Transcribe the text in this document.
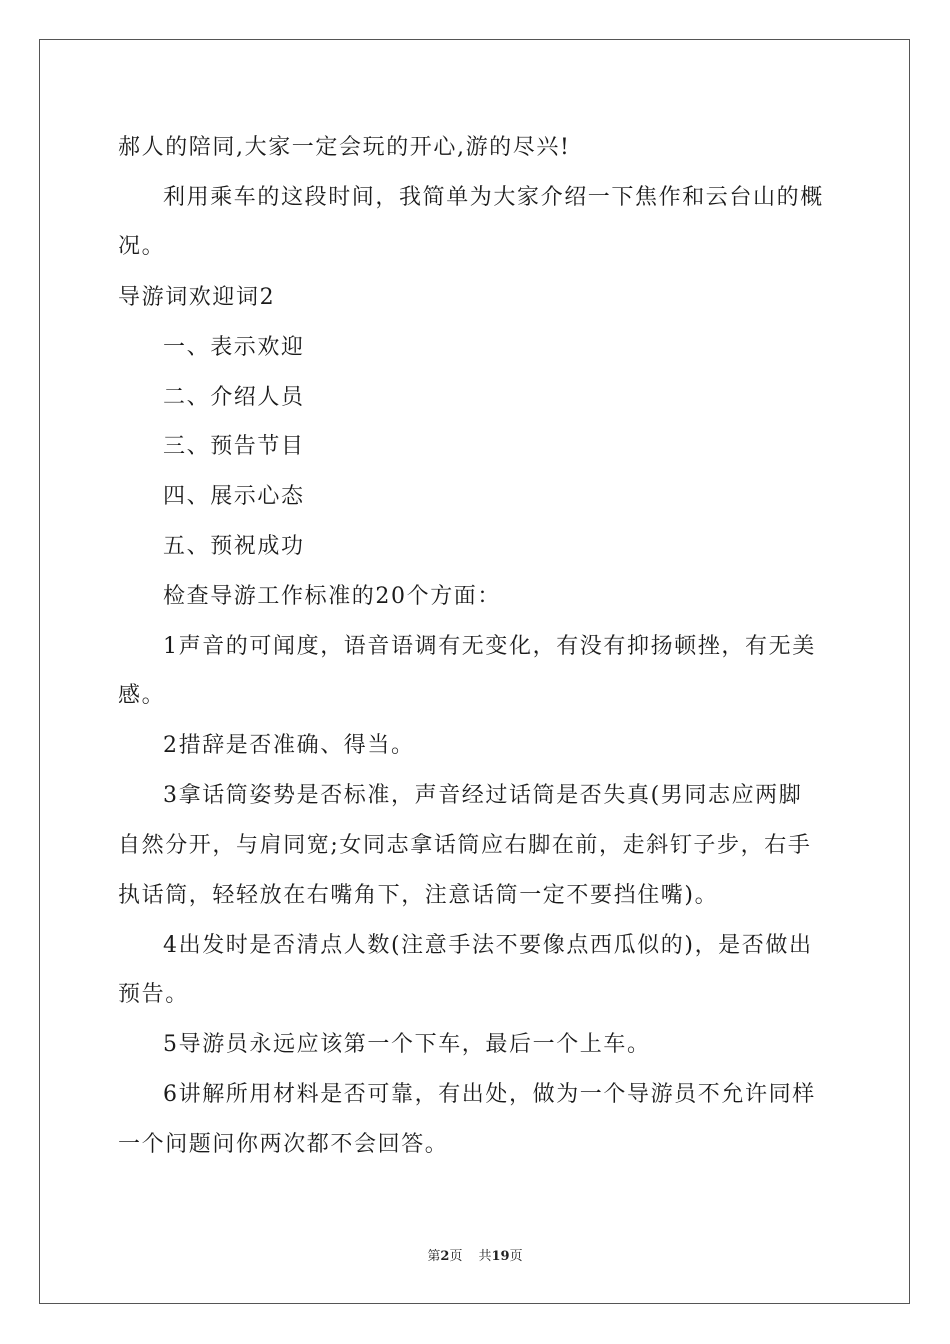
郝人的陪同,大家一定会玩的开心,游的尽兴!
利用乘车的这段时间，我简单为大家介绍一下焦作和云台山的概
况。
导游词欢迎词2
一、表示欢迎
二、介绍人员
三、预告节目
四、展示心态
五、预祝成功
检查导游工作标准的20个方面：
1声音的可闻度，语音语调有无变化，有没有抑扬顿挫，有无美
感。
2措辞是否准确、得当。
3拿话筒姿势是否标准，声音经过话筒是否失真(男同志应两脚
自然分开，与肩同宽;女同志拿话筒应右脚在前，走斜钉子步，右手
执话筒，轻轻放在右嘴角下，注意话筒一定不要挡住嘴)。
4出发时是否清点人数(注意手法不要像点西瓜似的)，是否做出
预告。
5导游员永远应该第一个下车，最后一个上车。
6讲解所用材料是否可靠，有出处，做为一个导游员不允许同样
一个问题问你两次都不会回答。
第2页 共19页
